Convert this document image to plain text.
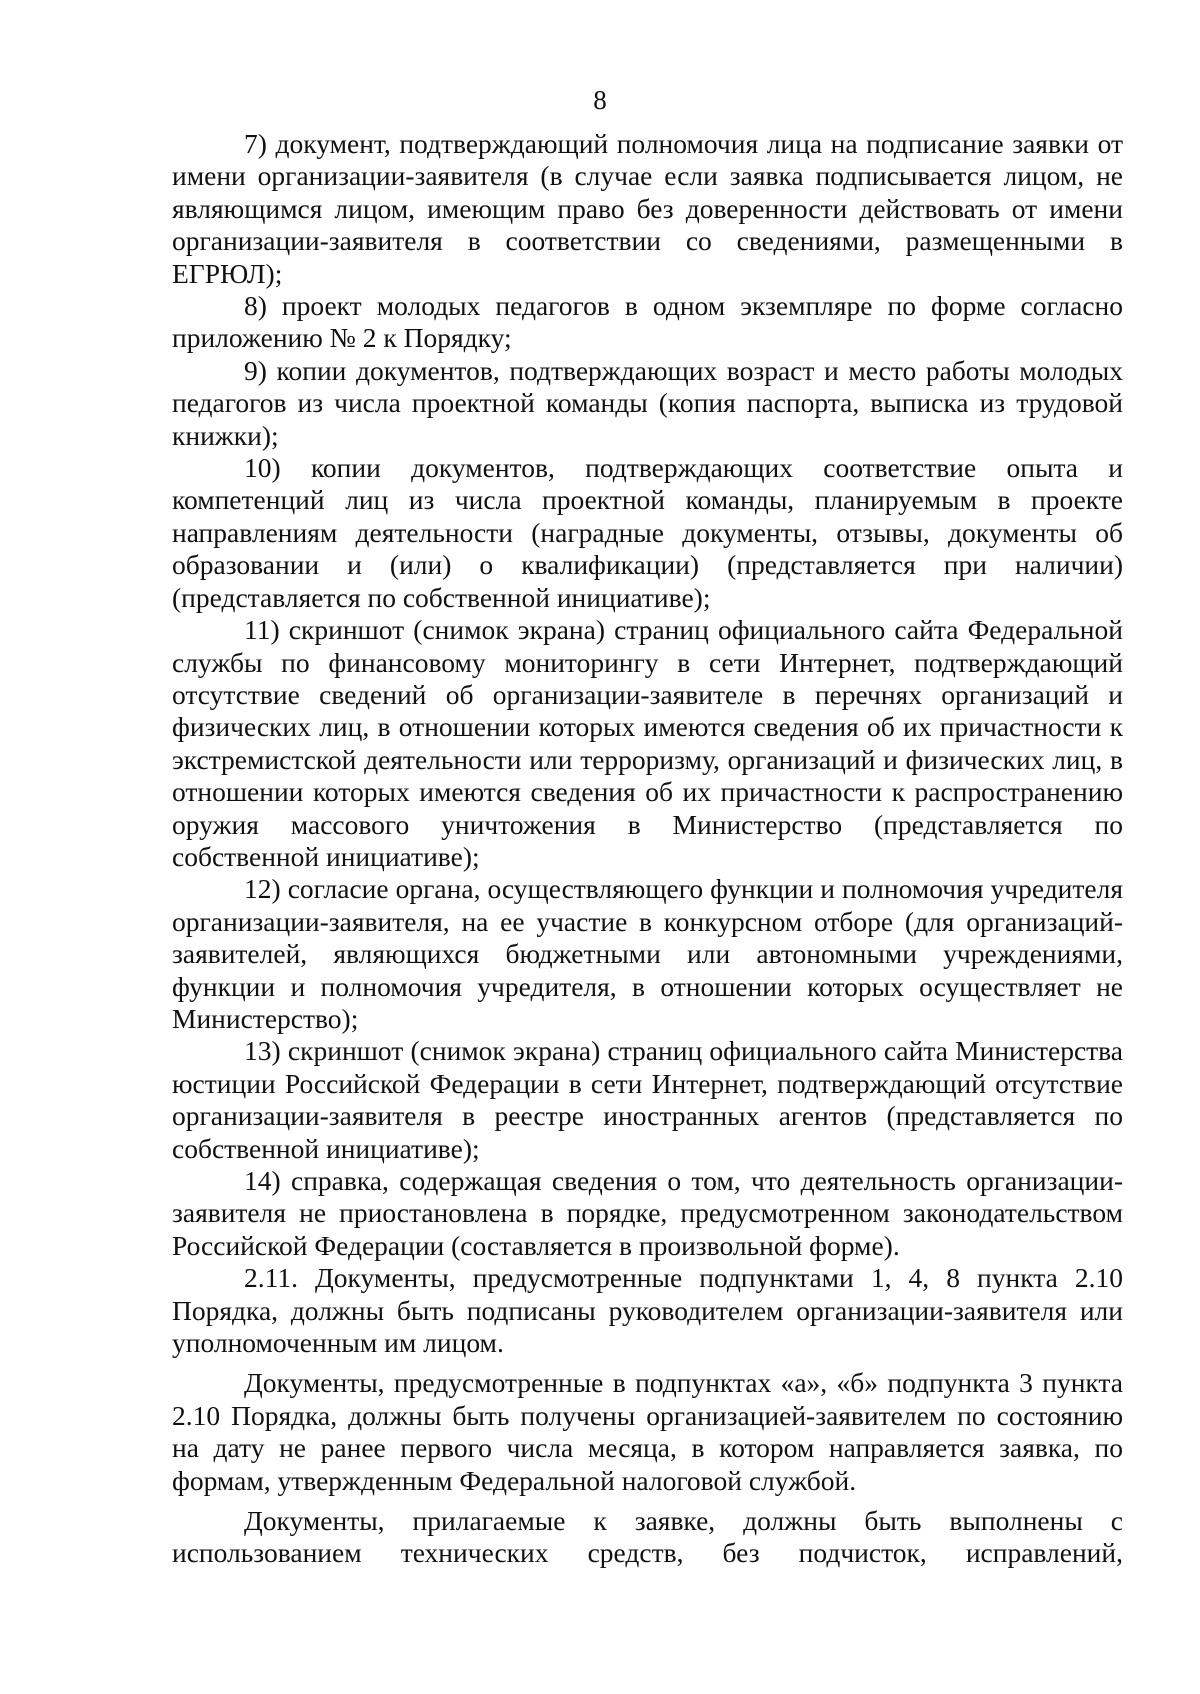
8

7) документ, подтверждающий полномочия лица на подписание заявки от имени организации-заявителя (в случае если заявка подписывается лицом, не являющимся лицом, имеющим право без доверенности действовать от имени организации-заявителя в соответствии со сведениями, размещенными в ЕГРЮЛ);

8) проект молодых педагогов в одном экземпляре по форме согласно приложению № 2 к Порядку;

9) копии документов, подтверждающих возраст и место работы молодых педагогов из числа проектной команды (копия паспорта, выписка из трудовой книжки);

10) копии документов, подтверждающих соответствие опыта и компетенций лиц из числа проектной команды, планируемым в проекте направлениям деятельности (наградные документы, отзывы, документы об образовании и (или) о квалификации) (представляется при наличии) (представляется по собственной инициативе);

11) скриншот (снимок экрана) страниц официального сайта Федеральной службы по финансовому мониторингу в сети Интернет, подтверждающий отсутствие сведений об организации-заявителе в перечнях организаций и физических лиц, в отношении которых имеются сведения об их причастности к экстремистской деятельности или терроризму, организаций и физических лиц, в отношении которых имеются сведения об их причастности к распространению оружия массового уничтожения в Министерство (представляется по собственной инициативе);

12) согласие органа, осуществляющего функции и полномочия учредителя организации-заявителя, на ее участие в конкурсном отборе (для организаций-заявителей, являющихся бюджетными или автономными учреждениями, функции и полномочия учредителя, в отношении которых осуществляет не Министерство);

13) скриншот (снимок экрана) страниц официального сайта Министерства юстиции Российской Федерации в сети Интернет, подтверждающий отсутствие организации-заявителя в реестре иностранных агентов (представляется по собственной инициативе);

14) справка, содержащая сведения о том, что деятельность организации-заявителя не приостановлена в порядке, предусмотренном законодательством Российской Федерации (составляется в произвольной форме).

2.11. Документы, предусмотренные подпунктами 1, 4, 8 пункта 2.10 Порядка, должны быть подписаны руководителем организации-заявителя или уполномоченным им лицом.

Документы, предусмотренные в подпунктах «а», «б» подпункта 3 пункта 2.10 Порядка, должны быть получены организацией-заявителем по состоянию на дату не ранее первого числа месяца, в котором направляется заявка, по формам, утвержденным Федеральной налоговой службой.

Документы, прилагаемые к заявке, должны быть выполнены с использованием технических средств, без подчисток, исправлений,
